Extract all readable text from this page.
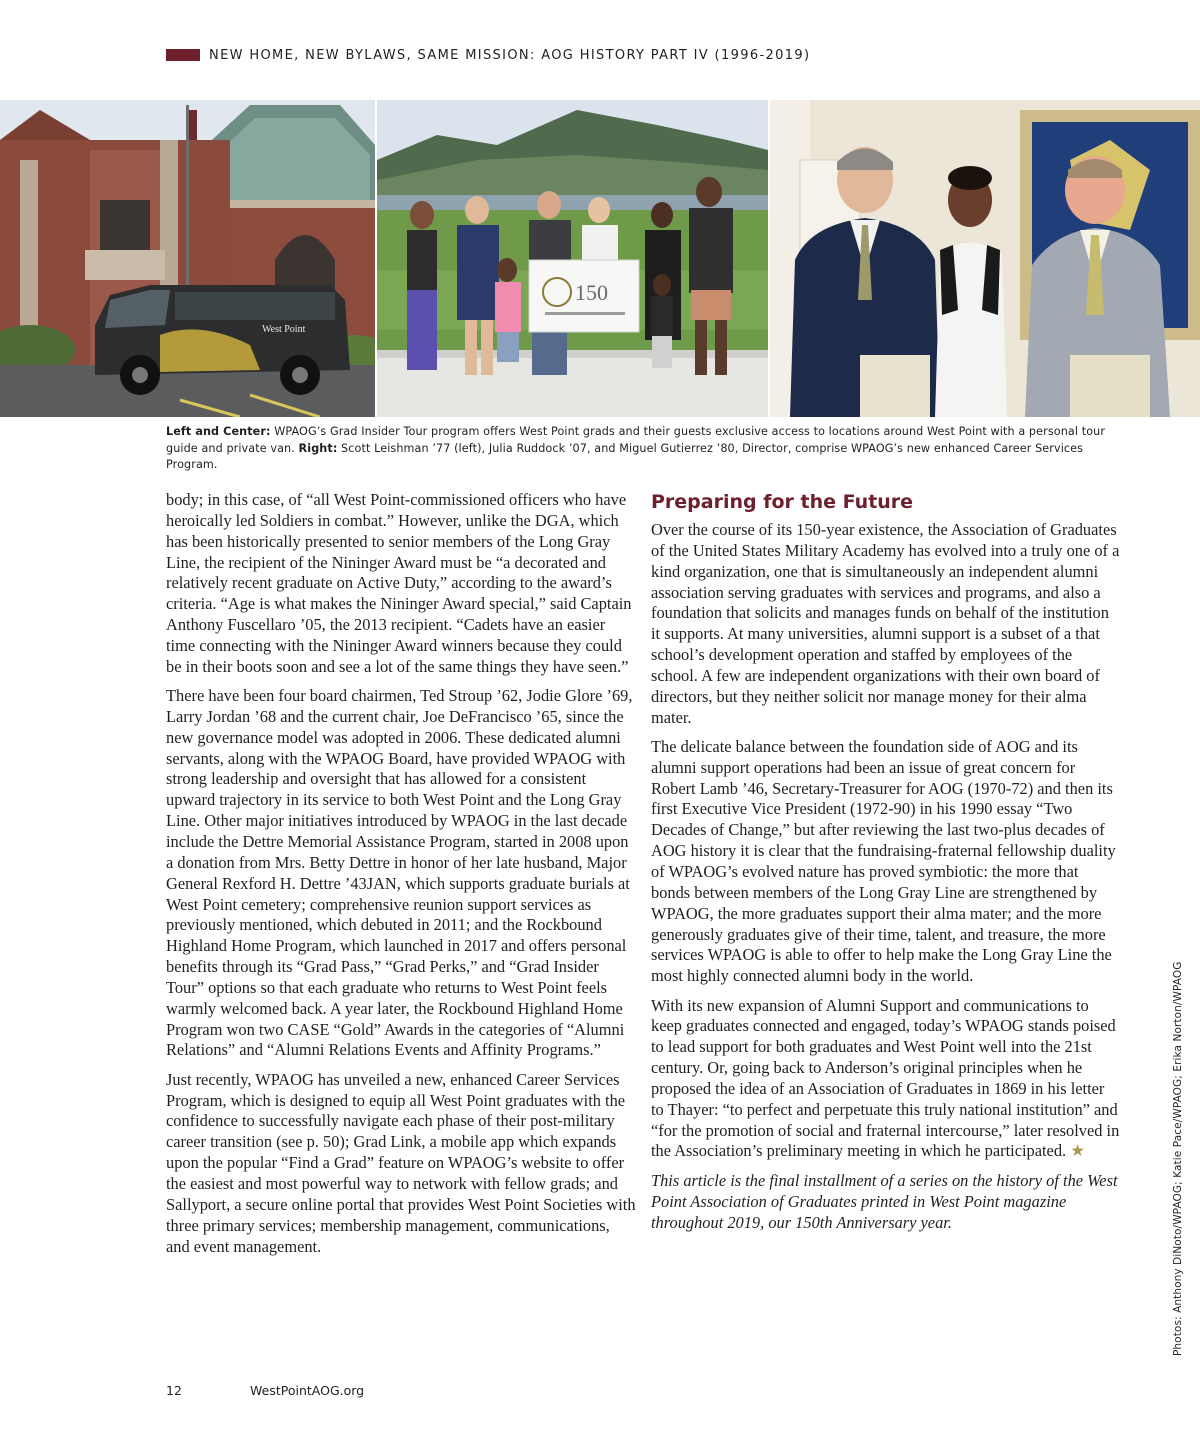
NEW HOME, NEW BYLAWS, SAME MISSION: AOG HISTORY PART IV (1996-2019)
West Point
150
Left and Center: WPAOG’s Grad Insider Tour program offers West Point grads and their guests exclusive access to locations around West Point with a personal tour guide and private van. Right: Scott Leishman ’77 (left), Julia Ruddock ’07, and Miguel Gutierrez ’80, Director, comprise WPAOG’s new enhanced Career Services Program.

body; in this case, of “all West Point-commissioned officers who have heroically led Soldiers in combat.” However, unlike the DGA, which has been historically presented to senior members of the Long Gray Line, the recipient of the Nininger Award must be “a decorated and relatively recent graduate on Active Duty,” according to the award’s criteria. “Age is what makes the Nininger Award special,” said Captain Anthony Fuscellaro ’05, the 2013 recipient. “Cadets have an easier time connecting with the Nininger Award winners because they could be in their boots soon and see a lot of the same things they have seen.”

There have been four board chairmen, Ted Stroup ’62, Jodie Glore ’69, Larry Jordan ’68 and the current chair, Joe DeFrancisco ’65, since the new governance model was adopted in 2006. These dedicated alumni servants, along with the WPAOG Board, have provided WPAOG with strong leadership and oversight that has allowed for a consistent upward trajectory in its service to both West Point and the Long Gray Line. Other major initiatives introduced by WPAOG in the last decade include the Dettre Memorial Assistance Program, started in 2008 upon a donation from Mrs. Betty Dettre in honor of her late husband, Major General Rexford H. Dettre ’43JAN, which supports graduate burials at West Point cemetery; comprehensive reunion support services as previously mentioned, which debuted in 2011; and the Rockbound Highland Home Program, which launched in 2017 and offers personal benefits through its “Grad Pass,” “Grad Perks,” and “Grad Insider Tour” options so that each graduate who returns to West Point feels warmly welcomed back. A year later, the Rockbound Highland Home Program won two CASE “Gold” Awards in the categories of “Alumni Relations” and “Alumni Relations Events and Affinity Programs.”

Just recently, WPAOG has unveiled a new, enhanced Career Services Program, which is designed to equip all West Point graduates with the confidence to successfully navigate each phase of their post-military career transition (see p. 50); Grad Link, a mobile app which expands upon the popular “Find a Grad” feature on WPAOG’s website to offer the easiest and most powerful way to network with fellow grads; and Sallyport, a secure online portal that provides West Point Societies with three primary services; membership management, communications, and event management.

Preparing for the Future

Over the course of its 150-year existence, the Association of Graduates of the United States Military Academy has evolved into a truly one of a kind organization, one that is simultaneously an independent alumni association serving graduates with services and programs, and also a foundation that solicits and manages funds on behalf of the institution it supports. At many universities, alumni support is a subset of a that school’s development operation and staffed by employees of the school. A few are independent organizations with their own board of directors, but they neither solicit nor manage money for their alma mater.

The delicate balance between the foundation side of AOG and its alumni support operations had been an issue of great concern for Robert Lamb ’46, Secretary-Treasurer for AOG (1970-72) and then its first Executive Vice President (1972-90) in his 1990 essay “Two Decades of Change,” but after reviewing the last two-plus decades of AOG history it is clear that the fundraising-fraternal fellowship duality of WPAOG’s evolved nature has proved symbiotic: the more that bonds between members of the Long Gray Line are strengthened by WPAOG, the more graduates support their alma mater; and the more generously graduates give of their time, talent, and treasure, the more services WPAOG is able to offer to help make the Long Gray Line the most highly connected alumni body in the world.

With its new expansion of Alumni Support and communications to keep graduates connected and engaged, today’s WPAOG stands poised to lead support for both graduates and West Point well into the 21st century. Or, going back to Anderson’s original principles when he proposed the idea of an Association of Graduates in 1869 in his letter to Thayer: “to perfect and perpetuate this truly national institution” and “for the promotion of social and fraternal intercourse,” later resolved in the Association’s preliminary meeting in which he participated. ★

This article is the final installment of a series on the history of the West Point Association of Graduates printed in West Point magazine throughout 2019, our 150th Anniversary year.	Photos: Anthony DiNoto/WPAOG; Katie Pace/WPAOG; Erika Norton/WPAOG
12	WestPointAOG.org
